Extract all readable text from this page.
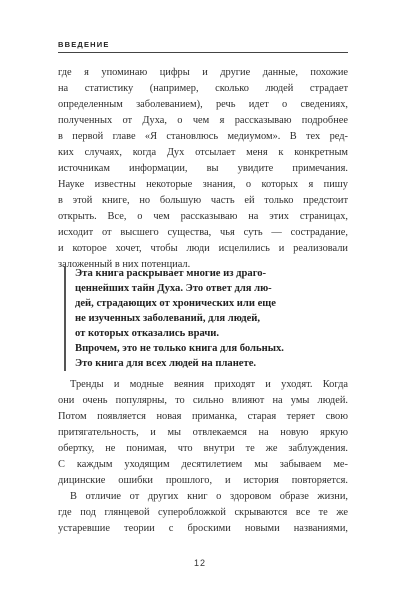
ВВЕДЕНИЕ
где я упоминаю цифры и другие данные, похожие
на статистику (например, сколько людей страдает
определенным заболеванием), речь идет о сведениях,
полученных от Духа, о чем я рассказываю подробнее
в первой главе «Я становлюсь медиумом». В тех ред-
ких случаях, когда Дух отсылает меня к конкретным
источникам информации, вы увидите примечания.
Науке известны некоторые знания, о которых я пишу
в этой книге, но большую часть ей только предстоит
открыть. Все, о чем рассказываю на этих страницах,
исходит от высшего существа, чья суть — сострадание,
и которое хочет, чтобы люди исцелились и реализовали
заложенный в них потенциал.
Эта книга раскрывает многие из драго-
ценнейших тайн Духа. Это ответ для лю-
дей, страдающих от хронических или еще
не изученных заболеваний, для людей,
от которых отказались врачи.
Впрочем, это не только книга для больных.
Это книга для всех людей на планете.
Тренды и модные веяния приходят и уходят. Когда
они очень популярны, то сильно влияют на умы людей.
Потом появляется новая приманка, старая теряет свою
притягательность, и мы отвлекаемся на новую яркую
обертку, не понимая, что внутри те же заблуждения.
С каждым уходящим десятилетием мы забываем ме-
дицинские ошибки прошлого, и история повторяется.
В отличие от других книг о здоровом образе жизни,
где под глянцевой суперобложкой скрываются все те же
устаревшие теории с броскими новыми названиями,
12
